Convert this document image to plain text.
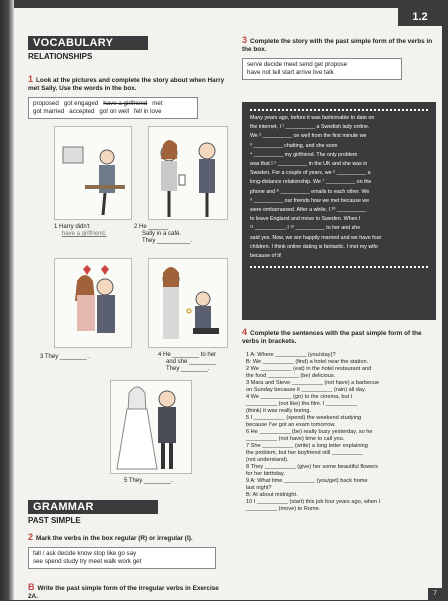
1.2
VOCABULARY
RELATIONSHIPS
1 Look at the pictures and complete the story about when Harry met Sally. Use the words in the box.
proposed got engaged have a girlfriend met
got married accepted got on well fell in love
1 Harry didn't
have a girlfriend.
2 He ______
Sally in a café.
They __________.
3 They ________ .	4 He ________ to her
and she ________
They ________.
5 They ________.
GRAMMAR
PAST SIMPLE
2 Mark the verbs in the box regular (R) or irregular (I).
fall / ask decide know stop like go say
see spend study try meet walk work get
B Write the past simple form of the irregular verbs in Exercise 2A.
3 Complete the story with the past simple form of the verbs in the box.
serve decide meet send get propose
have not tell start arrive live talk
Many years ago, before it was fashionable to date on
the internet, I ¹ __________ a Swedish lady online.
We ² __________ on well from the first minute we
³ __________ chatting, and she soon
⁴ __________ my girlfriend. The only problem
was that I ⁵ __________ in the UK and she was in
Sweden. For a couple of years, we ⁶ __________ a
long-distance relationship. We ⁷ __________ on the
phone and ⁸ __________ emails to each other. We
⁹ __________ our friends how we met because we
were embarrassed. After a while, I ¹⁰ __________
to leave England and move to Sweden. When I
¹¹ __________, I ¹² __________ to her and she
said yes. Now, we are happily married and we have four
children. I think online dating is fantastic. I met my wife
because of it!
4 Complete the sentences with the past simple form of the verbs in brackets.
1 A: Where __________ (you/stay)?
B: We __________ (find) a hotel near the station.
2 We __________ (eat) in the hotel restaurant and
the food __________ (be) delicious.
3 Mara and Steve __________ (not have) a barbecue
on Sunday because it __________ (rain) all day.
4 We __________ (go) to the cinema, but I
__________ (not like) the film. I __________
(think) it was really boring.
5 I __________ (spend) the weekend studying
because I've got an exam tomorrow.
6 He __________ (be) really busy yesterday, so he
__________ (not have) time to call you.
7 She __________ (write) a long letter explaining
the problem, but her boyfriend still __________
(not understand).
8 They __________ (give) her some beautiful flowers
for her birthday.
9 A: What time __________ (you/get) back home
last night?
B: At about midnight.
10 I __________ (start) this job four years ago, when I
__________ (move) to Rome.
7
